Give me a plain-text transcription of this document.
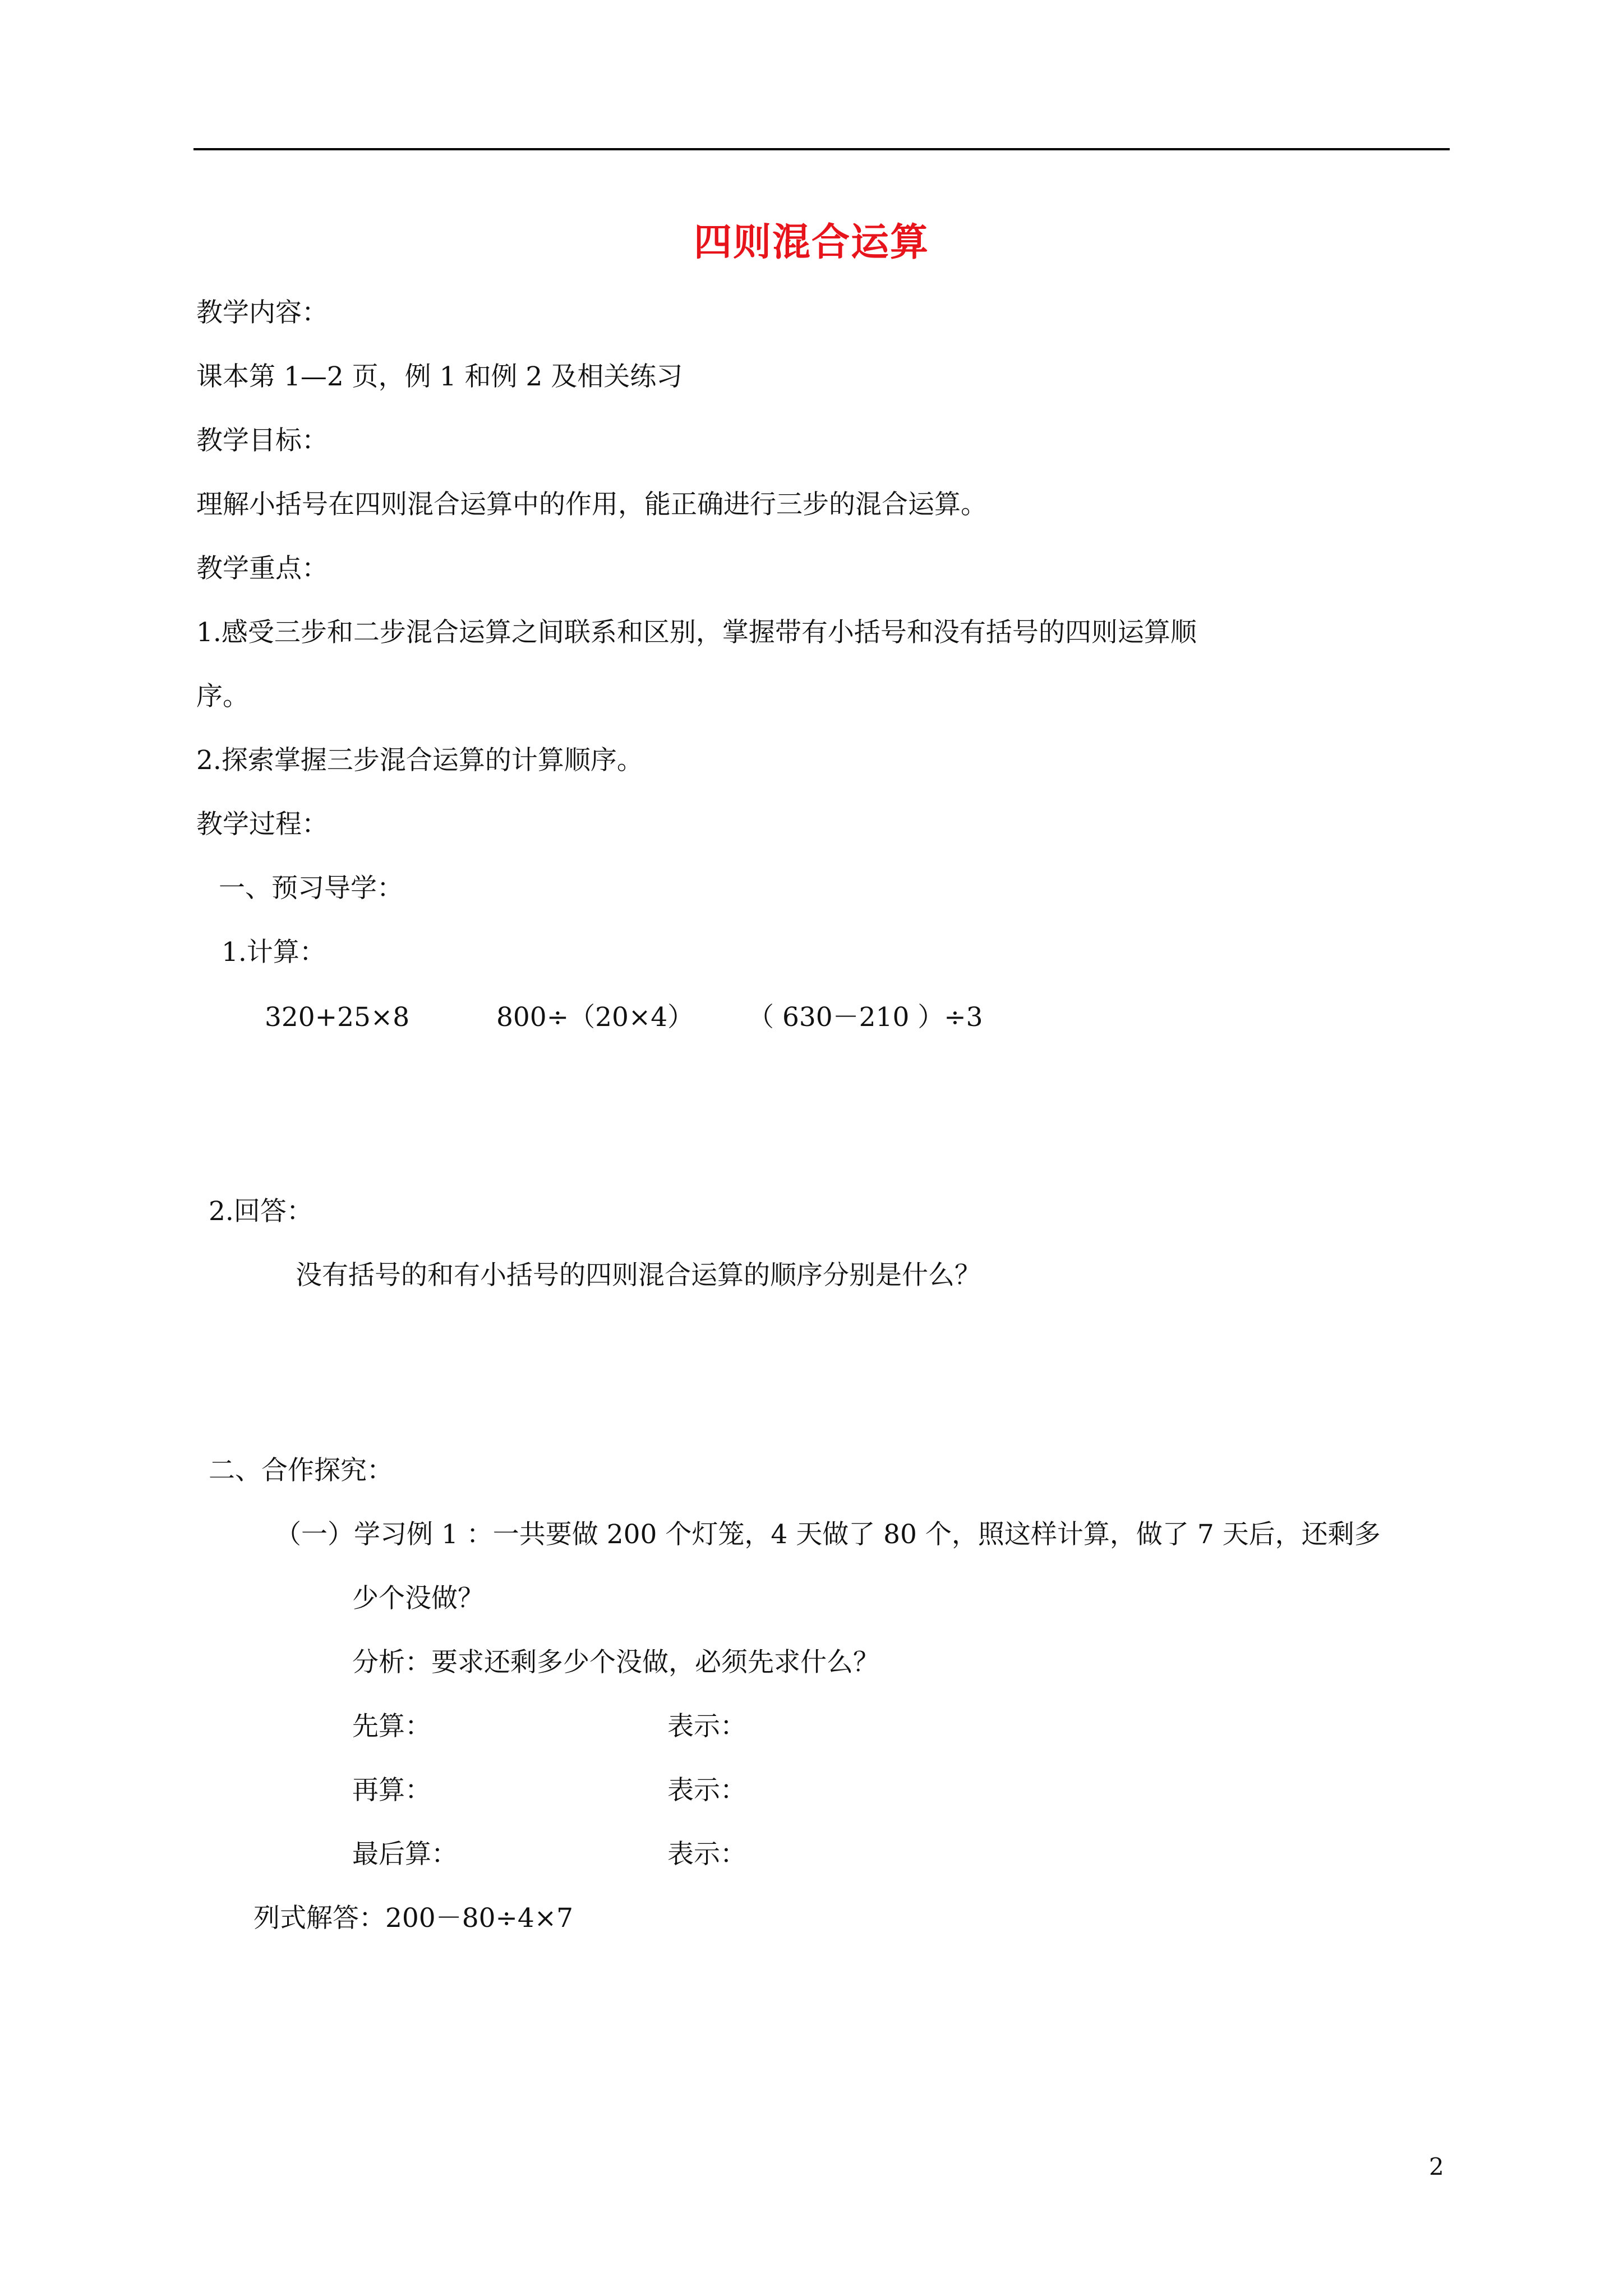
四则混合运算
教学内容：
课本第 1—2 页，例 1 和例 2 及相关练习
教学目标：
理解小括号在四则混合运算中的作用，能正确进行三步的混合运算。
教学重点：
1.感受三步和二步混合运算之间联系和区别，掌握带有小括号和没有括号的四则运算顺
序。
2.探索掌握三步混合运算的计算顺序。
教学过程：
一、预习导学：
1.计算：
320+25×8	800÷（20×4） （ 630－210 ）÷3
2.回答：
没有括号的和有小括号的四则混合运算的顺序分别是什么？
二、合作探究：
（一）学习例 1 ：一共要做 200 个灯笼，4 天做了 80 个，照这样计算，做了 7 天后，还剩多
少个没做？
分析：要求还剩多少个没做，必须先求什么？
先算：	表示：
再算：	表示：
最后算：	表示：
列式解答：200－80÷4×7
2
